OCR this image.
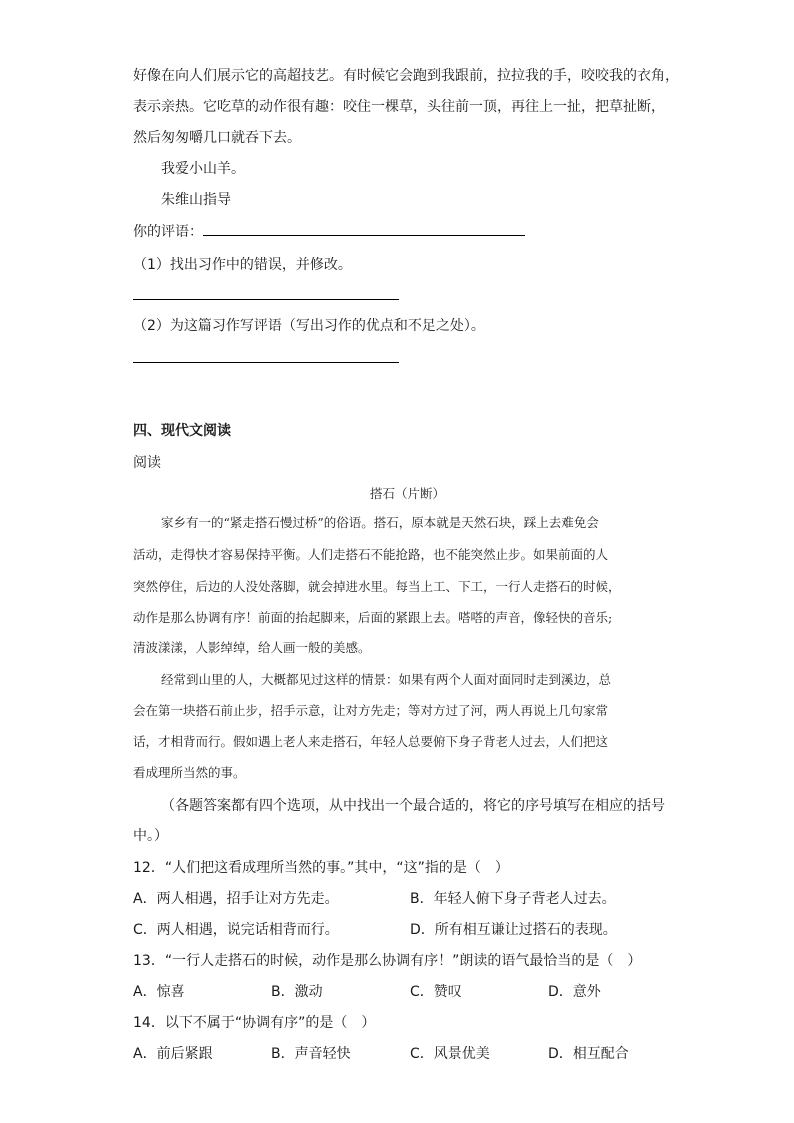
好像在向人们展示它的高超技艺。有时候它会跑到我跟前，拉拉我的手，咬咬我的衣角，
表示亲热。它吃草的动作很有趣：咬住一棵草，头往前一顶，再往上一扯，把草扯断，
然后匆匆嚼几口就吞下去。
我爱小山羊。
朱维山指导
你的评语：
（1）找出习作中的错误，并修改。
（2）为这篇习作写评语（写出习作的优点和不足之处）。
四、现代文阅读
阅读
搭石（片断）
家乡有一的“紧走搭石慢过桥”的俗语。搭石，原本就是天然石块，踩上去难免会
活动，走得快才容易保持平衡。人们走搭石不能抢路，也不能突然止步。如果前面的人
突然停住，后边的人没处落脚，就会掉进水里。每当上工、下工，一行人走搭石的时候，
动作是那么协调有序！前面的抬起脚来，后面的紧跟上去。嗒嗒的声音，像轻快的音乐;
清波漾漾，人影绰绰，给人画一般的美感。
经常到山里的人，大概都见过这样的情景：如果有两个人面对面同时走到溪边，总
会在第一块搭石前止步，招手示意，让对方先走；等对方过了河，两人再说上几句家常
话，才相背而行。假如遇上老人来走搭石，年轻人总要俯下身子背老人过去，人们把这
看成理所当然的事。
（各题答案都有四个选项，从中找出一个最合适的，将它的序号填写在相应的括号
中。）
12．“人们把这看成理所当然的事。”其中，“这”指的是（　）
A．两人相遇，招手让对方先走。	B．年轻人俯下身子背老人过去。
C．两人相遇，说完话相背而行。	D．所有相互谦让过搭石的表现。
13．“一行人走搭石的时候，动作是那么协调有序！”朗读的语气最恰当的是（　）
A．惊喜	B．激动	C．赞叹	D．意外
14．以下不属于“协调有序”的是（　）
A．前后紧跟	B．声音轻快	C．风景优美	D．相互配合
